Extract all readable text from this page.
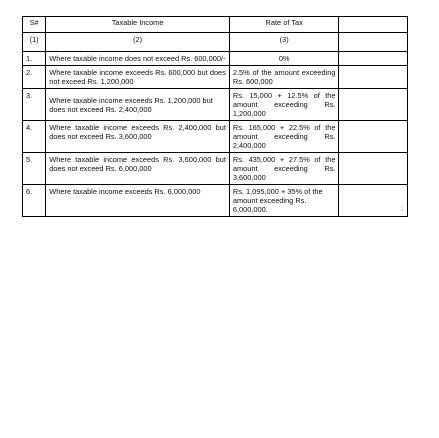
S#	Taxable Income	Rate of Tax	
(1)	(2)	(3)	
1.	Where taxable income does not exceed Rs. 600,000/-	0%	
2.	Where taxable income exceeds Rs. 600,000 but does not exceed Rs. 1,200,000	2.5% of the amount exceeding Rs. 600,000	
3.	Where taxable income exceeds Rs. 1,200,000 but does not exceed Rs. 2,400,000	Rs. 15,000 + 12.5% of the amount exceeding Rs. 1,200,000	
4.	Where taxable income exceeds Rs. 2,400,000 but does not exceed Rs. 3,600,000	Rs. 165,000 + 22.5% of the amount exceeding Rs. 2,400,000	
5.	Where taxable income exceeds Rs. 3,600,000 but does not exceed Rs. 6,000,000	Rs. 435,000 + 27.5% of the amount exceeding Rs. 3,600,000	
6.	Where taxable income exceeds Rs. 6,000,000	Rs. 1,095,000 + 35% of the amount exceeding Rs. 6,000,000.	⁏
